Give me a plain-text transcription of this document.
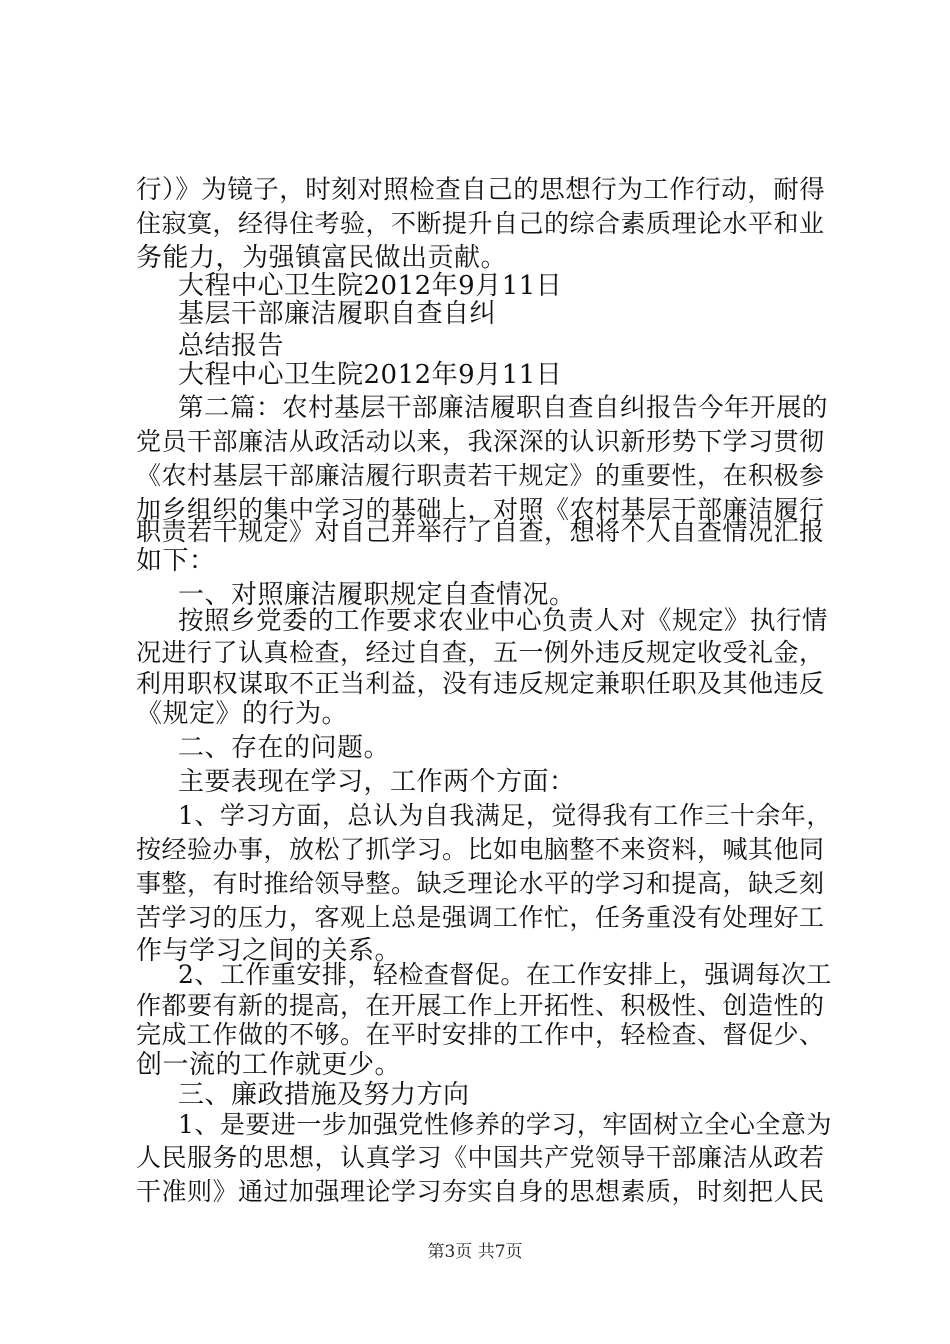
行）》为镜子，时刻对照检查自己的思想行为工作行动，耐得
住寂寞，经得住考验，不断提升自己的综合素质理论水平和业
务能力，为强镇富民做出贡献。
大程中心卫生院2012年9月11日
基层干部廉洁履职自查自纠
总结报告
大程中心卫生院2012年9月11日
第二篇：农村基层干部廉洁履职自查自纠报告今年开展的
党员干部廉洁从政活动以来，我深深的认识新形势下学习贯彻
《农村基层干部廉洁履行职责若干规定》的重要性，在积极参
加乡组织的集中学习的基础上，对照《农村基层干部廉洁履行
职责若干规定》对自己并举行了自查，想将个人自查情况汇报
如下：
一、对照廉洁履职规定自查情况。
按照乡党委的工作要求农业中心负责人对《规定》执行情
况进行了认真检查，经过自查，五一例外违反规定收受礼金，
利用职权谋取不正当利益，没有违反规定兼职任职及其他违反
《规定》的行为。
二、存在的问题。
主要表现在学习，工作两个方面：
1、学习方面，总认为自我满足，觉得我有工作三十余年，
按经验办事，放松了抓学习。比如电脑整不来资料，喊其他同
事整，有时推给领导整。缺乏理论水平的学习和提高，缺乏刻
苦学习的压力，客观上总是强调工作忙，任务重没有处理好工
作与学习之间的关系。
2、工作重安排，轻检查督促。在工作安排上，强调每次工
作都要有新的提高，在开展工作上开拓性、积极性、创造性的
完成工作做的不够。在平时安排的工作中，轻检查、督促少、
创一流的工作就更少。
三、廉政措施及努力方向
1、是要进一步加强党性修养的学习，牢固树立全心全意为
人民服务的思想，认真学习《中国共产党领导干部廉洁从政若
干准则》通过加强理论学习夯实自身的思想素质，时刻把人民
第3页 共7页
